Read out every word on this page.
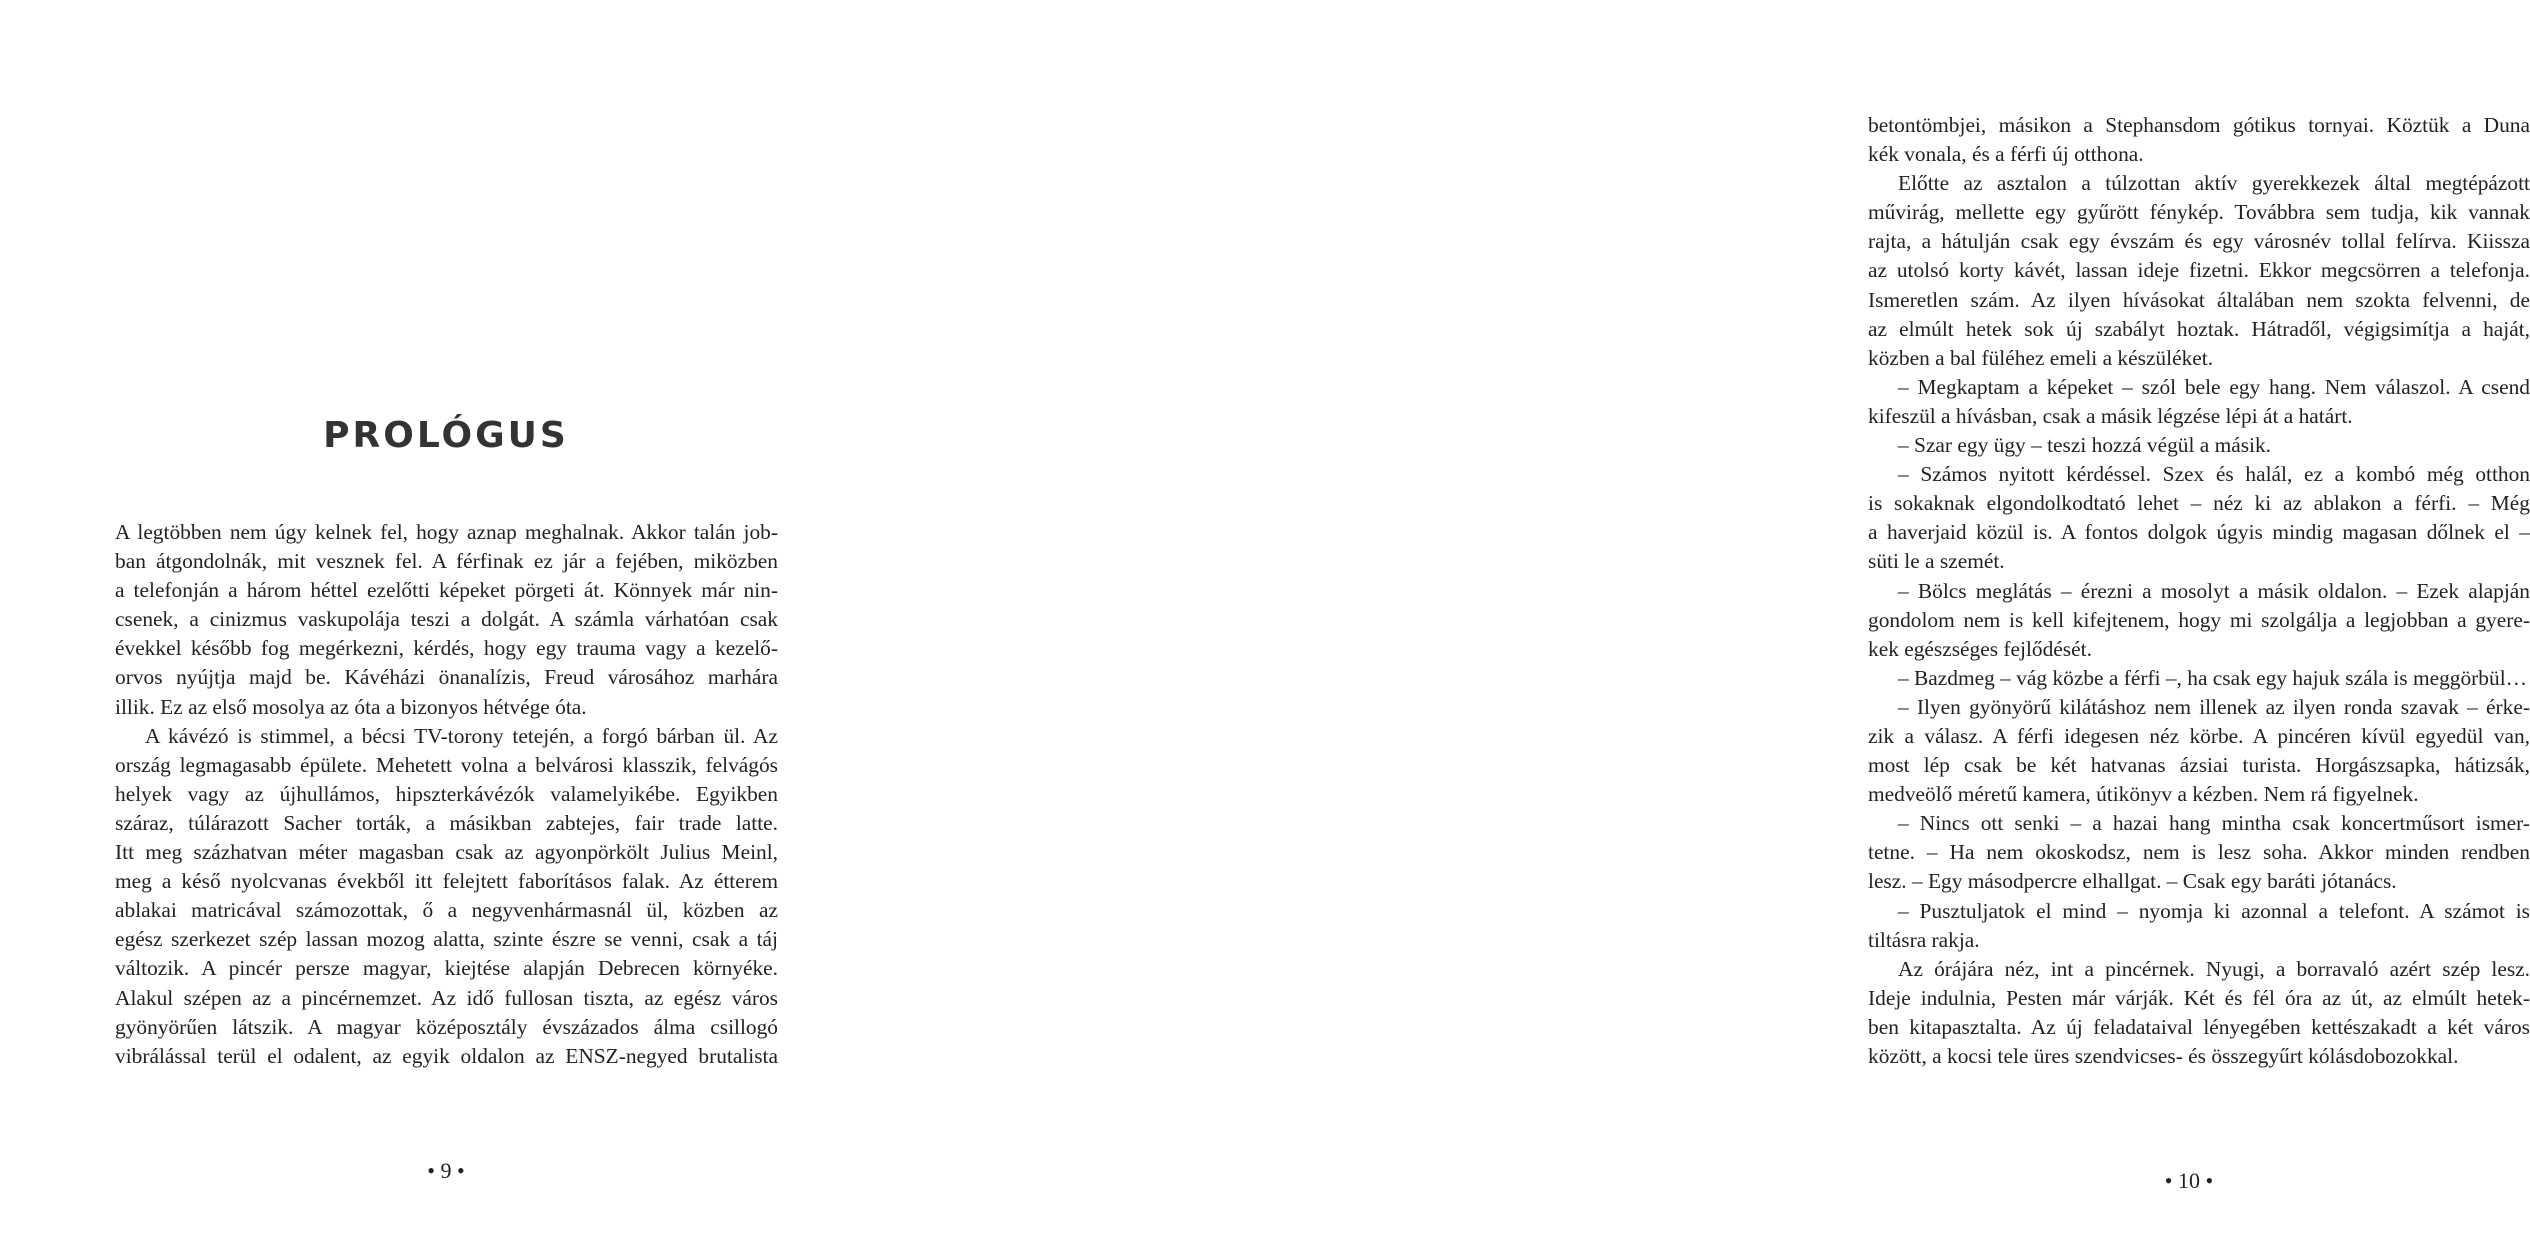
PROLÓGUS
A legtöbben nem úgy kelnek fel, hogy aznap meghalnak. Akkor talán job-
ban átgondolnák, mit vesznek fel. A férfinak ez jár a fejében, miközben
a telefonján a három héttel ezelőtti képeket pörgeti át. Könnyek már nin-
csenek, a cinizmus vaskupolája teszi a dolgát. A számla várhatóan csak
évekkel később fog megérkezni, kérdés, hogy egy trauma vagy a kezelő-
orvos nyújtja majd be. Kávéházi önanalízis, Freud városához marhára
illik. Ez az első mosolya az óta a bizonyos hétvége óta.
A kávézó is stimmel, a bécsi TV-torony tetején, a forgó bárban ül. Az
ország legmagasabb épülete. Mehetett volna a belvárosi klasszik, felvágós
helyek vagy az újhullámos, hipszterkávézók valamelyikébe. Egyikben
száraz, túlárazott Sacher torták, a másikban zabtejes, fair trade latte.
Itt meg százhatvan méter magasban csak az agyonpörkölt Julius Meinl,
meg a késő nyolcvanas évekből itt felejtett faborításos falak. Az étterem
ablakai matricával számozottak, ő a negyvenhármasnál ül, közben az
egész szerkezet szép lassan mozog alatta, szinte észre se venni, csak a táj
változik. A pincér persze magyar, kiejtése alapján Debrecen környéke.
Alakul szépen az a pincérnemzet. Az idő fullosan tiszta, az egész város
gyönyörűen látszik. A magyar középosztály évszázados álma csillogó
vibrálással terül el odalent, az egyik oldalon az ENSZ-negyed brutalista
• 9 •
betontömbjei, másikon a Stephansdom gótikus tornyai. Köztük a Duna
kék vonala, és a férfi új otthona.
Előtte az asztalon a túlzottan aktív gyerekkezek által megtépázott
művirág, mellette egy gyűrött fénykép. Továbbra sem tudja, kik vannak
rajta, a hátulján csak egy évszám és egy városnév tollal felírva. Kiissza
az utolsó korty kávét, lassan ideje fizetni. Ekkor megcsörren a telefonja.
Ismeretlen szám. Az ilyen hívásokat általában nem szokta felvenni, de
az elmúlt hetek sok új szabályt hoztak. Hátradől, végigsimítja a haját,
közben a bal füléhez emeli a készüléket.
– Megkaptam a képeket – szól bele egy hang. Nem válaszol. A csend
kifeszül a hívásban, csak a másik légzése lépi át a határt.
– Szar egy ügy – teszi hozzá végül a másik.
– Számos nyitott kérdéssel. Szex és halál, ez a kombó még otthon
is sokaknak elgondolkodtató lehet – néz ki az ablakon a férfi. – Még
a haverjaid közül is. A fontos dolgok úgyis mindig magasan dőlnek el –
süti le a szemét.
– Bölcs meglátás – érezni a mosolyt a másik oldalon. – Ezek alapján
gondolom nem is kell kifejtenem, hogy mi szolgálja a legjobban a gyere-
kek egészséges fejlődését.
– Bazdmeg – vág közbe a férfi –, ha csak egy hajuk szála is meggörbül…
– Ilyen gyönyörű kilátáshoz nem illenek az ilyen ronda szavak – érke-
zik a válasz. A férfi idegesen néz körbe. A pincéren kívül egyedül van,
most lép csak be két hatvanas ázsiai turista. Horgászsapka, hátizsák,
medveölő méretű kamera, útikönyv a kézben. Nem rá figyelnek.
– Nincs ott senki – a hazai hang mintha csak koncertműsort ismer-
tetne. – Ha nem okoskodsz, nem is lesz soha. Akkor minden rendben
lesz. – Egy másodpercre elhallgat. – Csak egy baráti jótanács.
– Pusztuljatok el mind – nyomja ki azonnal a telefont. A számot is
tiltásra rakja.
Az órájára néz, int a pincérnek. Nyugi, a borravaló azért szép lesz.
Ideje indulnia, Pesten már várják. Két és fél óra az út, az elmúlt hetek-
ben kitapasztalta. Az új feladataival lényegében kettészakadt a két város
között, a kocsi tele üres szendvicses- és összegyűrt kólásdobozokkal.
• 10 •
